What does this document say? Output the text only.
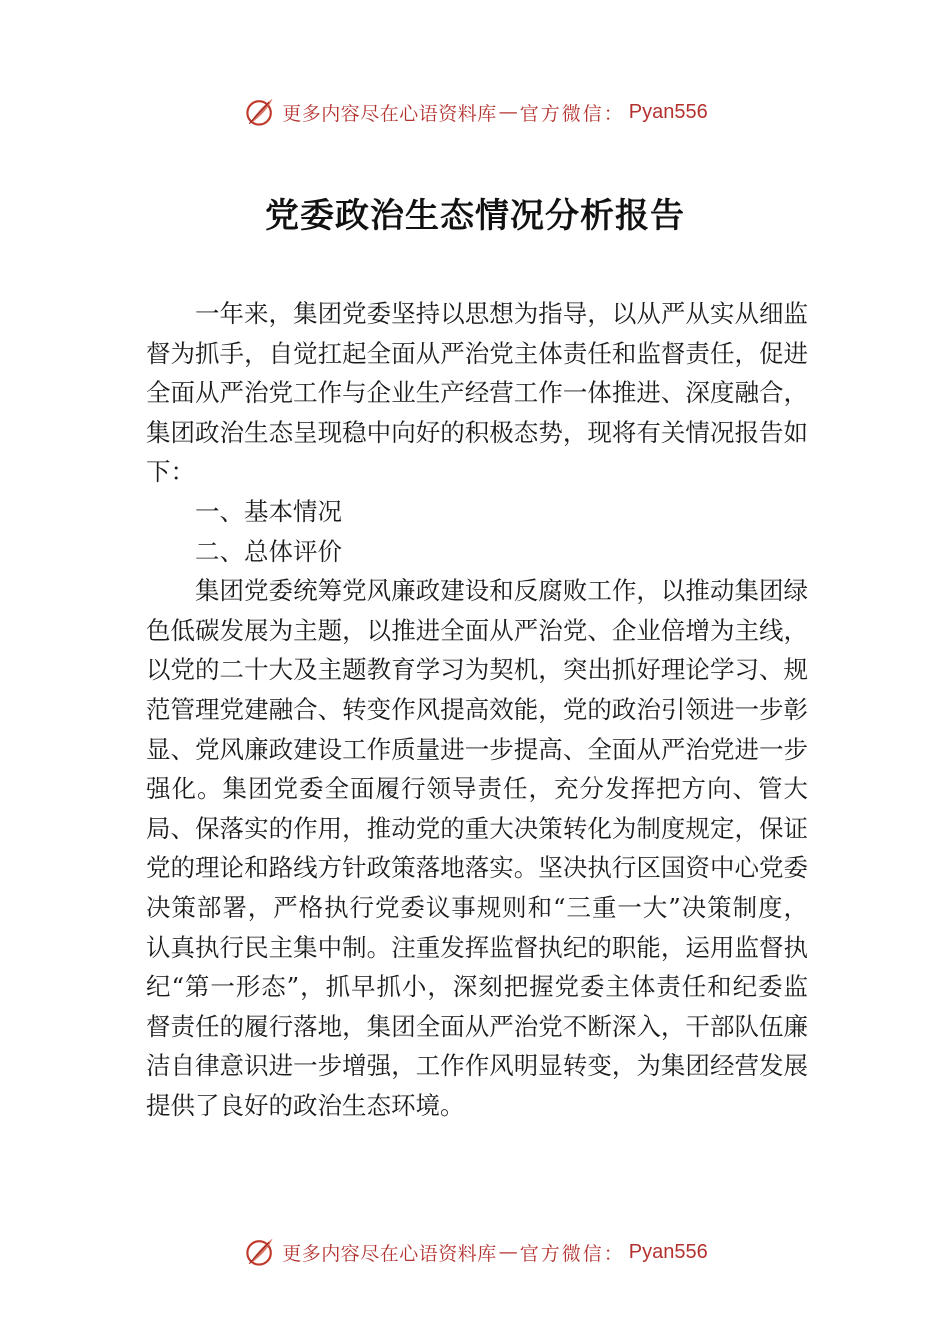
更多内容尽在心语资料库 — 官方微信： Pyan556
党委政治生态情况分析报告

一年来，集团党委坚持以思想为指导，以从严从实从细监督为抓手，自觉扛起全面从严治党主体责任和监督责任，促进全面从严治党工作与企业生产经营工作一体推进、深度融合，集团政治生态呈现稳中向好的积极态势，现将有关情况报告如下：

一、基本情况

二、总体评价

集团党委统筹党风廉政建设和反腐败工作，以推动集团绿色低碳发展为主题，以推进全面从严治党、企业倍增为主线，以党的二十大及主题教育学习为契机，突出抓好理论学习、规范管理党建融合、转变作风提高效能，党的政治引领进一步彰显、党风廉政建设工作质量进一步提高、全面从严治党进一步强化。集团党委全面履行领导责任，充分发挥把方向、管大局、保落实的作用，推动党的重大决策转化为制度规定，保证党的理论和路线方针政策落地落实。坚决执行区国资中心党委决策部署，严格执行党委议事规则和“三重一大”决策制度，认真执行民主集中制。注重发挥监督执纪的职能，运用监督执纪“第一形态”，抓早抓小，深刻把握党委主体责任和纪委监督责任的履行落地，集团全面从严治党不断深入，干部队伍廉洁自律意识进一步增强，工作作风明显转变，为集团经营发展提供了良好的政治生态环境。

更多内容尽在心语资料库 — 官方微信： Pyan556
